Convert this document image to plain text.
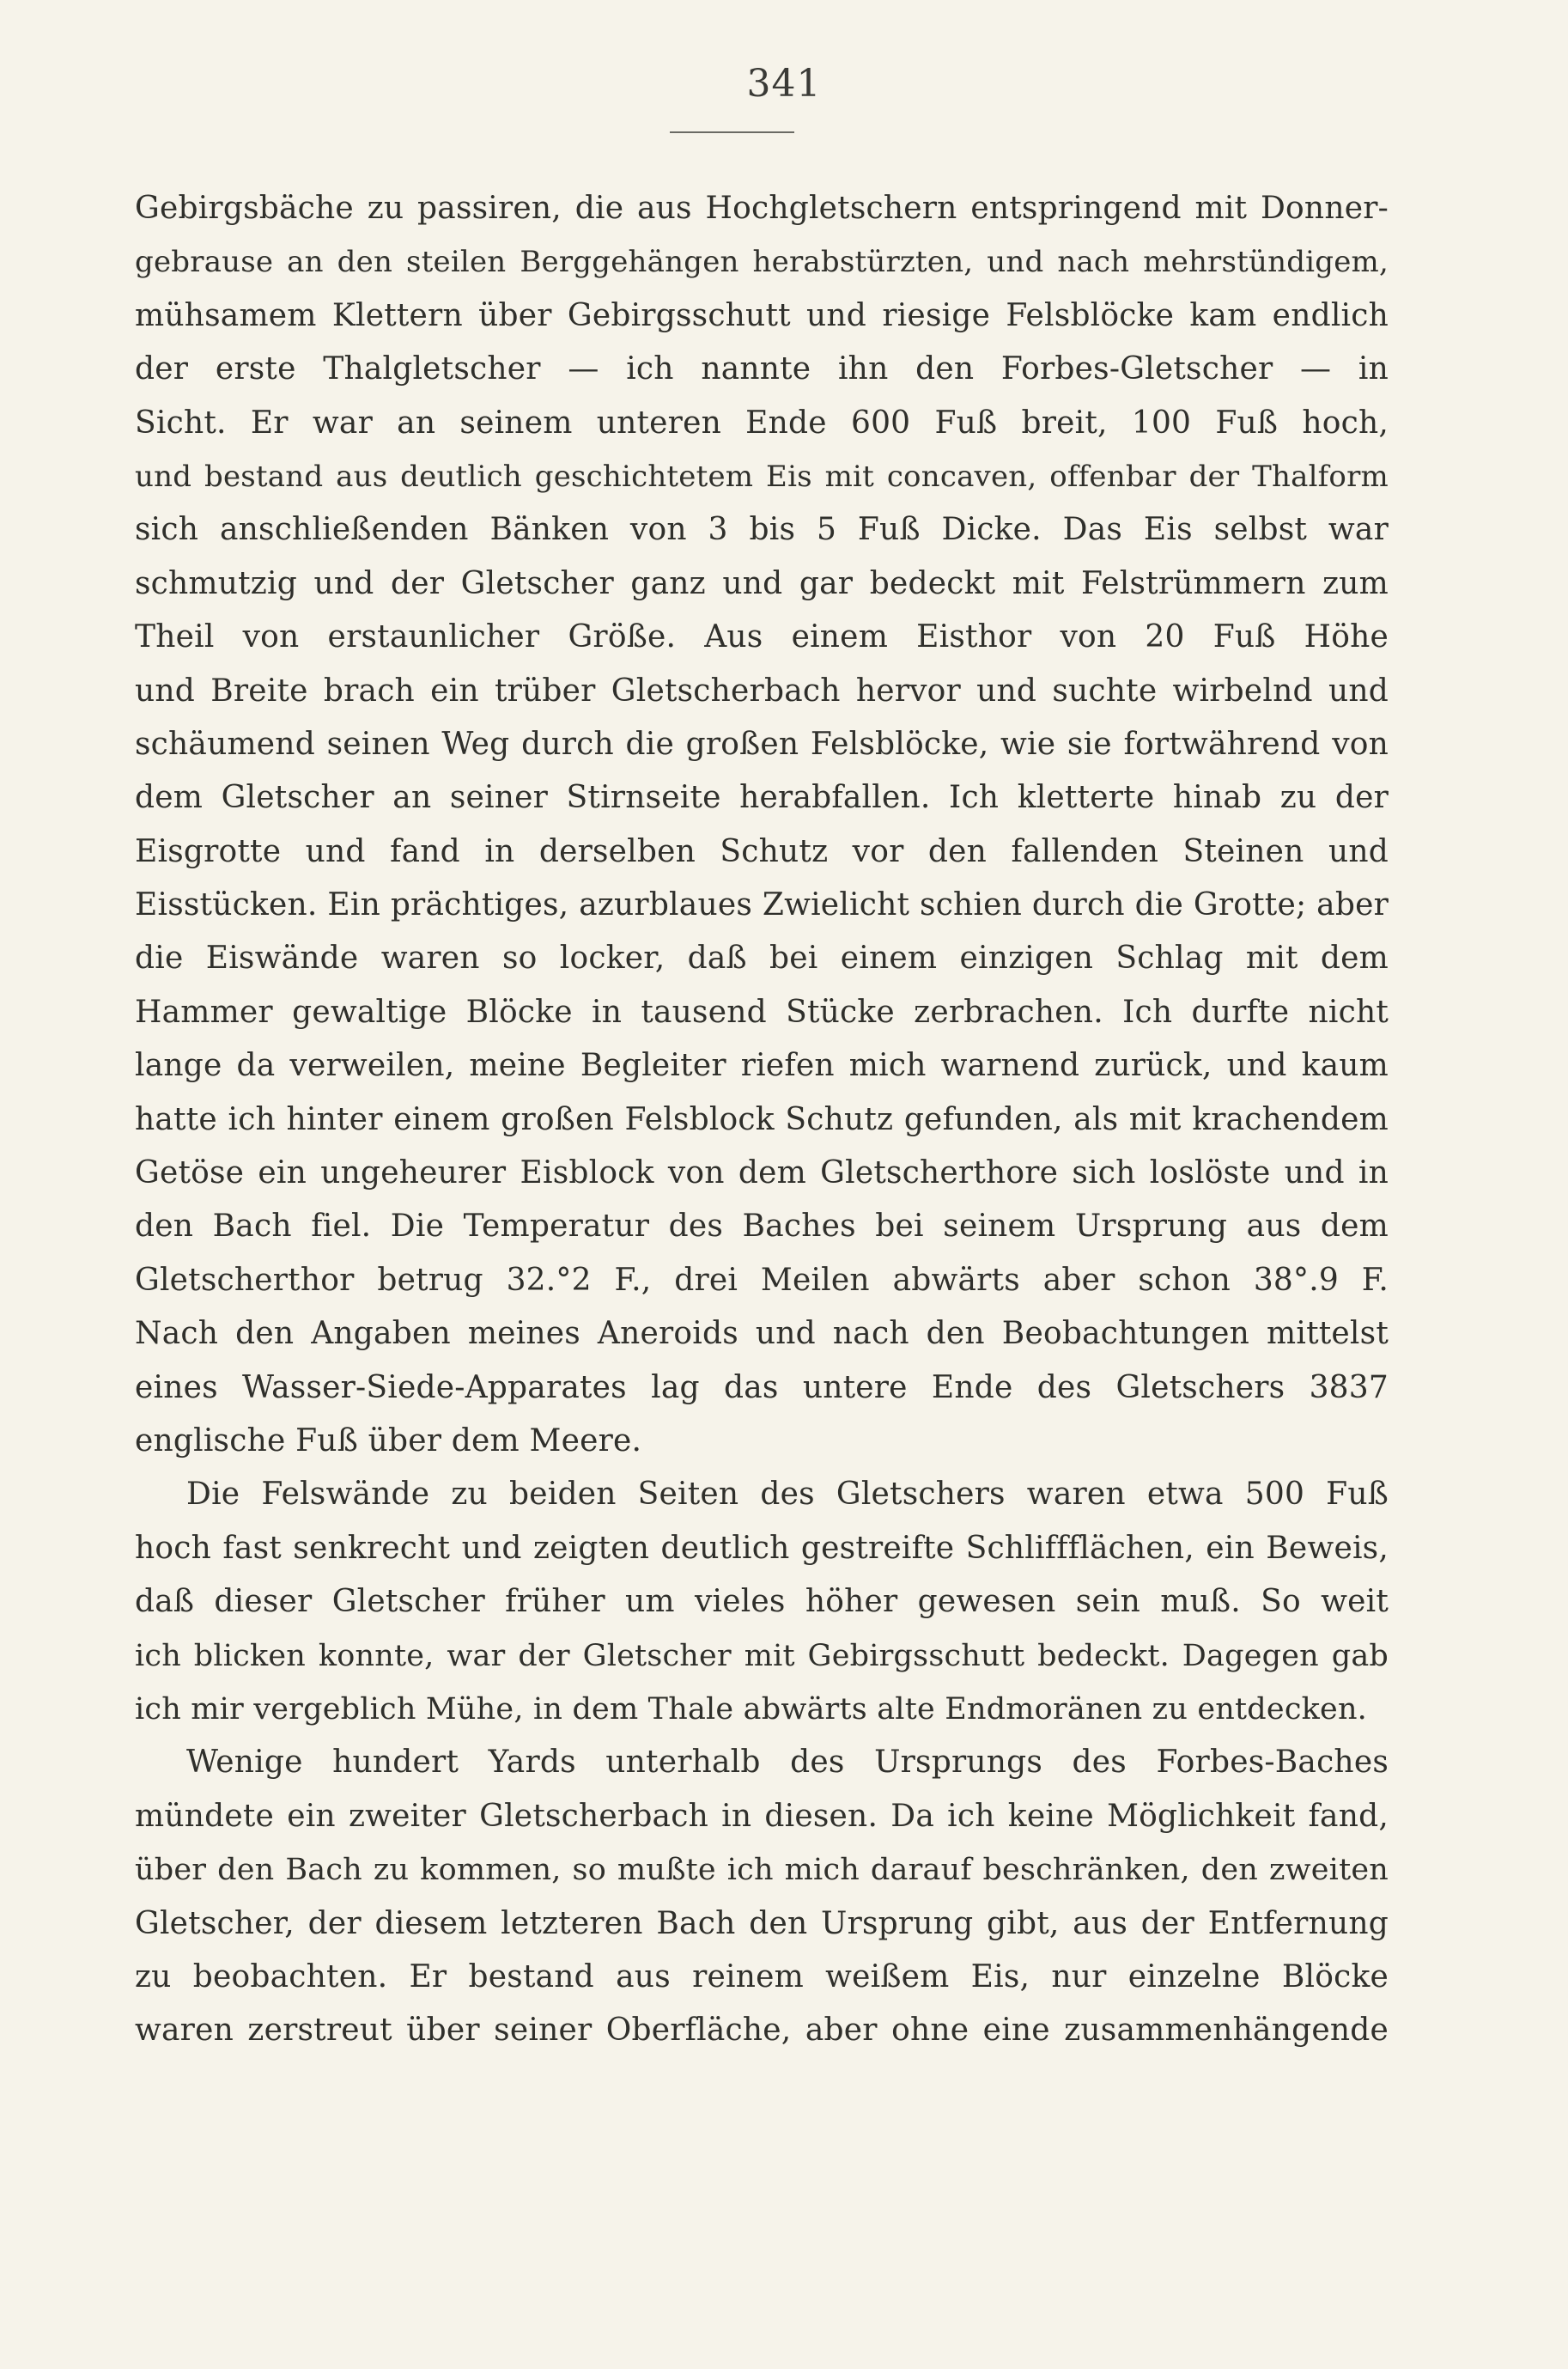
341
Gebirgsbäche zu passiren, die aus Hochgletschern entspringend mit Donner-
gebrause an den steilen Berggehängen herabstürzten, und nach mehrstündigem,
mühsamem Klettern über Gebirgsschutt und riesige Felsblöcke kam endlich
der erste Thalgletscher — ich nannte ihn den Forbes-Gletscher — in
Sicht. Er war an seinem unteren Ende 600 Fuß breit, 100 Fuß hoch,
und bestand aus deutlich geschichtetem Eis mit concaven, offenbar der Thalform
sich anschließenden Bänken von 3 bis 5 Fuß Dicke. Das Eis selbst war
schmutzig und der Gletscher ganz und gar bedeckt mit Felstrümmern zum
Theil von erstaunlicher Größe. Aus einem Eisthor von 20 Fuß Höhe
und Breite brach ein trüber Gletscherbach hervor und suchte wirbelnd und
schäumend seinen Weg durch die großen Felsblöcke, wie sie fortwährend von
dem Gletscher an seiner Stirnseite herabfallen. Ich kletterte hinab zu der
Eisgrotte und fand in derselben Schutz vor den fallenden Steinen und
Eisstücken. Ein prächtiges, azurblaues Zwielicht schien durch die Grotte; aber
die Eiswände waren so locker, daß bei einem einzigen Schlag mit dem
Hammer gewaltige Blöcke in tausend Stücke zerbrachen. Ich durfte nicht
lange da verweilen, meine Begleiter riefen mich warnend zurück, und kaum
hatte ich hinter einem großen Felsblock Schutz gefunden, als mit krachendem
Getöse ein ungeheurer Eisblock von dem Gletscherthore sich loslöste und in
den Bach fiel. Die Temperatur des Baches bei seinem Ursprung aus dem
Gletscherthor betrug 32.°2 F., drei Meilen abwärts aber schon 38°.9 F.
Nach den Angaben meines Aneroids und nach den Beobachtungen mittelst
eines Wasser-Siede-Apparates lag das untere Ende des Gletschers 3837
englische Fuß über dem Meere.
Die Felswände zu beiden Seiten des Gletschers waren etwa 500 Fuß
hoch fast senkrecht und zeigten deutlich gestreifte Schliffflächen, ein Beweis,
daß dieser Gletscher früher um vieles höher gewesen sein muß. So weit
ich blicken konnte, war der Gletscher mit Gebirgsschutt bedeckt. Dagegen gab
ich mir vergeblich Mühe, in dem Thale abwärts alte Endmoränen zu entdecken.
Wenige hundert Yards unterhalb des Ursprungs des Forbes-Baches
mündete ein zweiter Gletscherbach in diesen. Da ich keine Möglichkeit fand,
über den Bach zu kommen, so mußte ich mich darauf beschränken, den zweiten
Gletscher, der diesem letzteren Bach den Ursprung gibt, aus der Entfernung
zu beobachten. Er bestand aus reinem weißem Eis, nur einzelne Blöcke
waren zerstreut über seiner Oberfläche, aber ohne eine zusammenhängende
